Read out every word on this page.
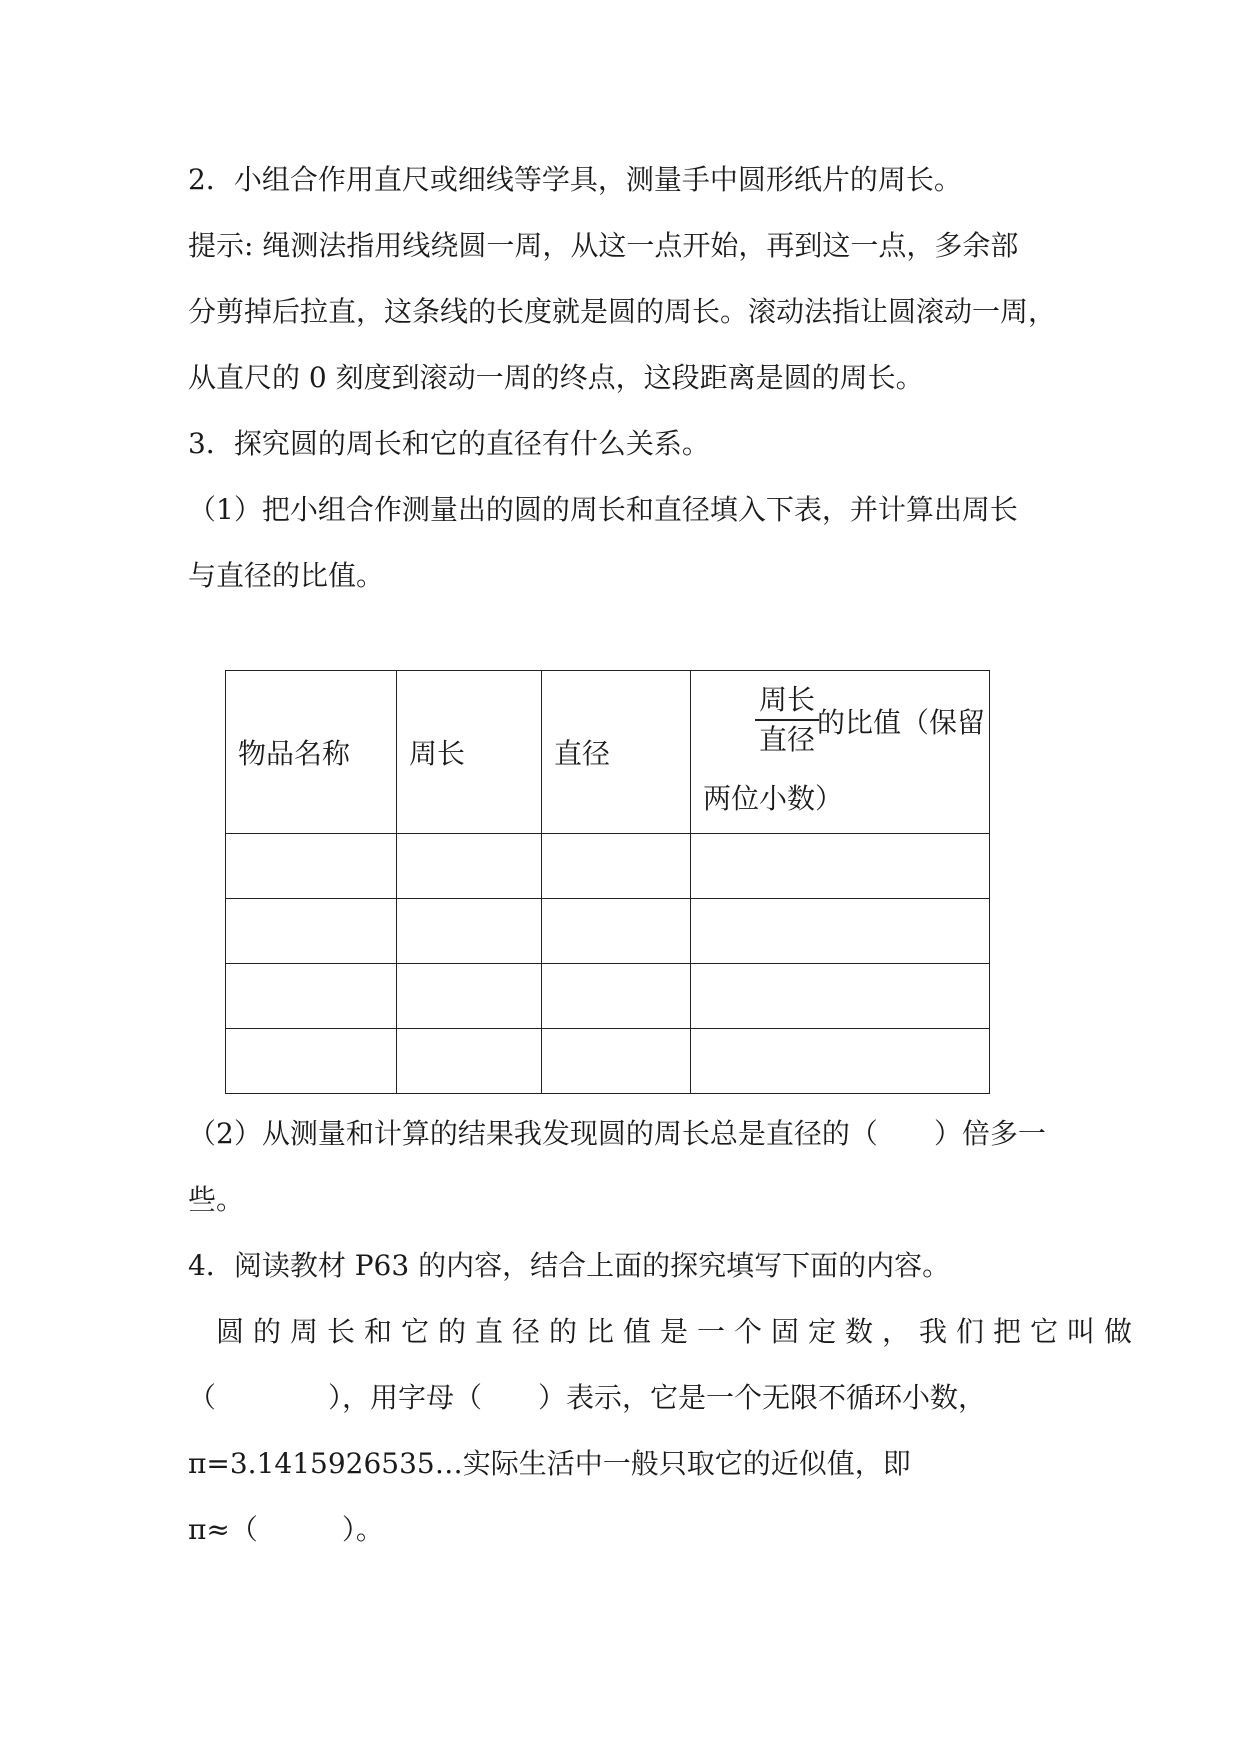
2．小组合作用直尺或细线等学具，测量手中圆形纸片的周长。

提示: 绳测法指用线绕圆一周，从这一点开始，再到这一点，多余部

分剪掉后拉直，这条线的长度就是圆的周长。滚动法指让圆滚动一周，

从直尺的 0 刻度到滚动一周的终点，这段距离是圆的周长。

3．探究圆的周长和它的直径有什么关系。

（1）把小组合作测量出的圆的周长和直径填入下表，并计算出周长

与直径的比值。

物品名称	周长	直径	周长
直径
的比值（保留
两位小数）

（2）从测量和计算的结果我发现圆的周长总是直径的（　　）倍多一

些。

4．阅读教材 P63 的内容，结合上面的探究填写下面的内容。

圆的周长和它的直径的比值是一个固定数，我们把它叫做

（　　　　），用字母（　　）表示，它是一个无限不循环小数，

π=3.1415926535…实际生活中一般只取它的近似值，即

π≈（　　　）。
